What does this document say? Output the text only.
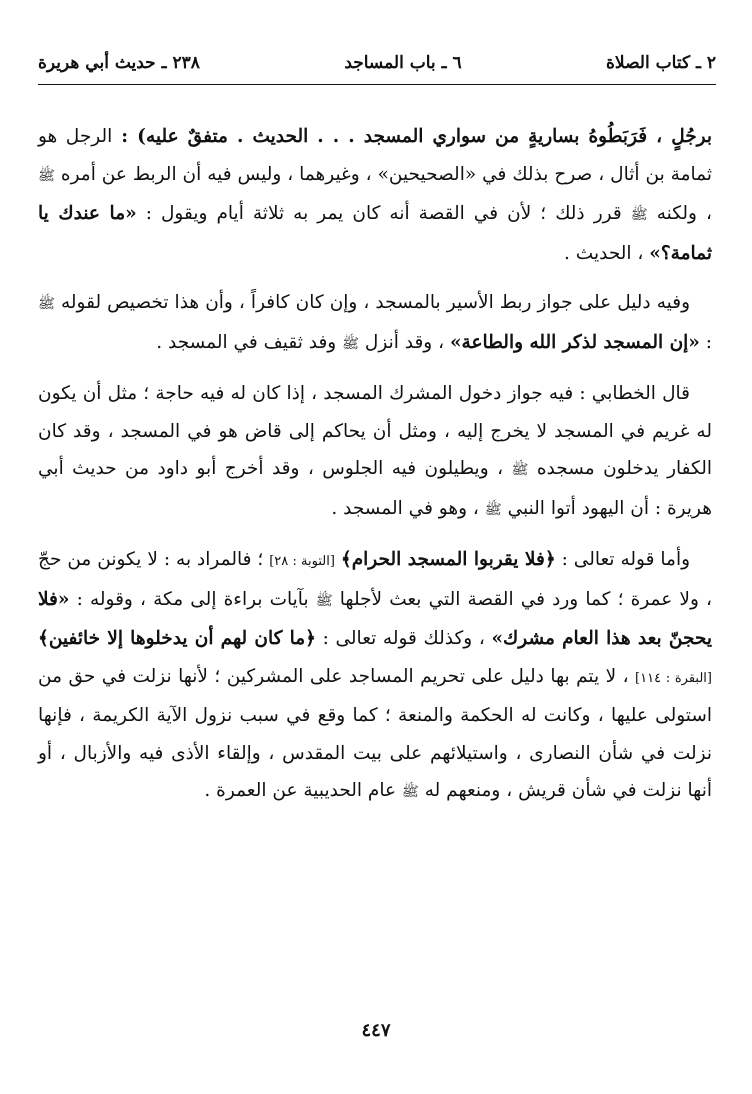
٢ ـ كتاب الصلاة
٦ ـ باب المساجد
٢٣٨ ـ حديث أبي هريرة

برجُلٍ ، فَرَبَطُوهُ بساريةٍ من سواري المسجد . . . الحديث . متفقٌ عليه) : الرجل هو ثمامة بن أثال ، صرح بذلك في «الصحيحين» ، وغيرهما ، وليس فيه أن الربط عن أمره ﷺ ، ولكنه ﷺ قرر ذلك ؛ لأن في القصة أنه كان يمر به ثلاثة أيام ويقول : «ما عندك يا ثمامة؟» ، الحديث .

وفيه دليل على جواز ربط الأسير بالمسجد ، وإن كان كافراً ، وأن هذا تخصيص لقوله ﷺ : «إن المسجد لذكر الله والطاعة» ، وقد أنزل ﷺ وفد ثقيف في المسجد .

قال الخطابي : فيه جواز دخول المشرك المسجد ، إذا كان له فيه حاجة ؛ مثل أن يكون له غريم في المسجد لا يخرج إليه ، ومثل أن يحاكم إلى قاض هو في المسجد ، وقد كان الكفار يدخلون مسجده ﷺ ، ويطيلون فيه الجلوس ، وقد أخرج أبو داود من حديث أبي هريرة : أن اليهود أتوا النبي ﷺ ، وهو في المسجد .

وأما قوله تعالى : ﴿فلا يقربوا المسجد الحرام﴾ [التوبة : ٢٨] ؛ فالمراد به : لا يكونن من حجّ ، ولا عمرة ؛ كما ورد في القصة التي بعث لأجلها ﷺ بآيات براءة إلى مكة ، وقوله : «فلا يحجنّ بعد هذا العام مشرك» ، وكذلك قوله تعالى : ﴿ما كان لهم أن يدخلوها إلا خائفين﴾ [البقرة : ١١٤] ، لا يتم بها دليل على تحريم المساجد على المشركين ؛ لأنها نزلت في حق من استولى عليها ، وكانت له الحكمة والمنعة ؛ كما وقع في سبب نزول الآية الكريمة ، فإنها نزلت في شأن النصارى ، واستيلائهم على بيت المقدس ، وإلقاء الأذى فيه والأزبال ، أو أنها نزلت في شأن قريش ، ومنعهم له ﷺ عام الحديبية عن العمرة .

٤٤٧
